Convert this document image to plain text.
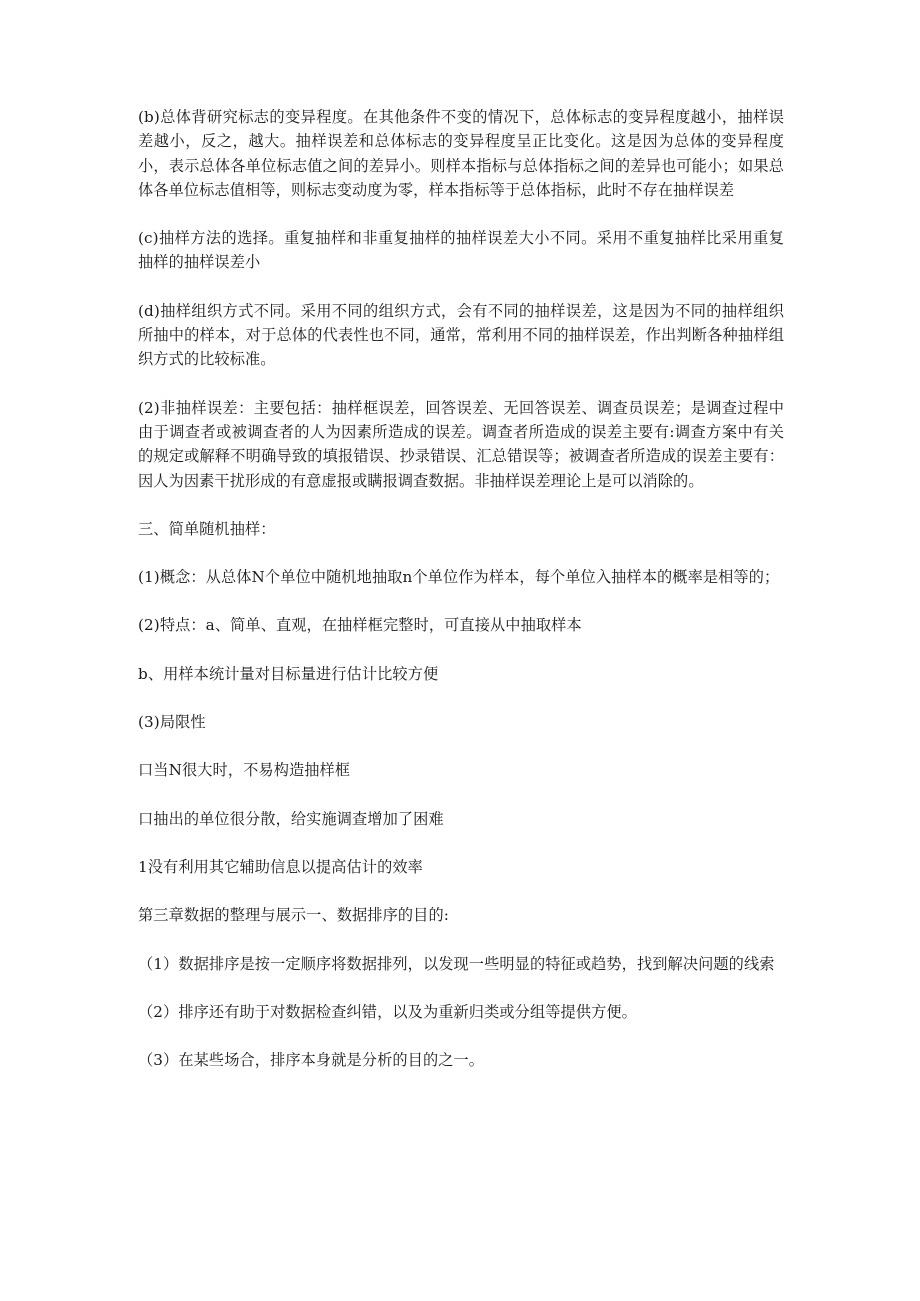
(b)总体背研究标志的变异程度。在其他条件不变的情况下，总体标志的变异程度越小，抽样误差越小，反之，越大。抽样误差和总体标志的变异程度呈正比变化。这是因为总体的变异程度小，表示总体各单位标志值之间的差异小。则样本指标与总体指标之间的差异也可能小；如果总体各单位标志值相等，则标志变动度为零，样本指标等于总体指标，此时不存在抽样误差

(c)抽样方法的选择。重复抽样和非重复抽样的抽样误差大小不同。采用不重复抽样比采用重复抽样的抽样误差小

(d)抽样组织方式不同。采用不同的组织方式，会有不同的抽样误差，这是因为不同的抽样组织所抽中的样本，对于总体的代表性也不同，通常，常利用不同的抽样误差，作出判断各种抽样组织方式的比较标准。

(2)非抽样误差：主要包括：抽样框误差，回答误差、无回答误差、调查员误差；是调查过程中由于调查者或被调查者的人为因素所造成的误差。调查者所造成的误差主要有:调查方案中有关的规定或解释不明确导致的填报错误、抄录错误、汇总错误等；被调查者所造成的误差主要有：因人为因素干扰形成的有意虚报或瞒报调查数据。非抽样误差理论上是可以消除的。

三、简单随机抽样：

(1)概念：从总体N个单位中随机地抽取n个单位作为样本，每个单位入抽样本的概率是相等的；

(2)特点：a、简单、直观，在抽样框完整时，可直接从中抽取样本

b、用样本统计量对目标量进行估计比较方便

(3)局限性

口当N很大时，不易构造抽样框

口抽出的单位很分散，给实施调查增加了困难

1没有利用其它辅助信息以提高估计的效率

第三章数据的整理与展示一、数据排序的目的:

（1）数据排序是按一定顺序将数据排列，以发现一些明显的特征或趋势，找到解决问题的线索

（2）排序还有助于对数据检查纠错，以及为重新归类或分组等提供方便。

（3）在某些场合，排序本身就是分析的目的之一。
